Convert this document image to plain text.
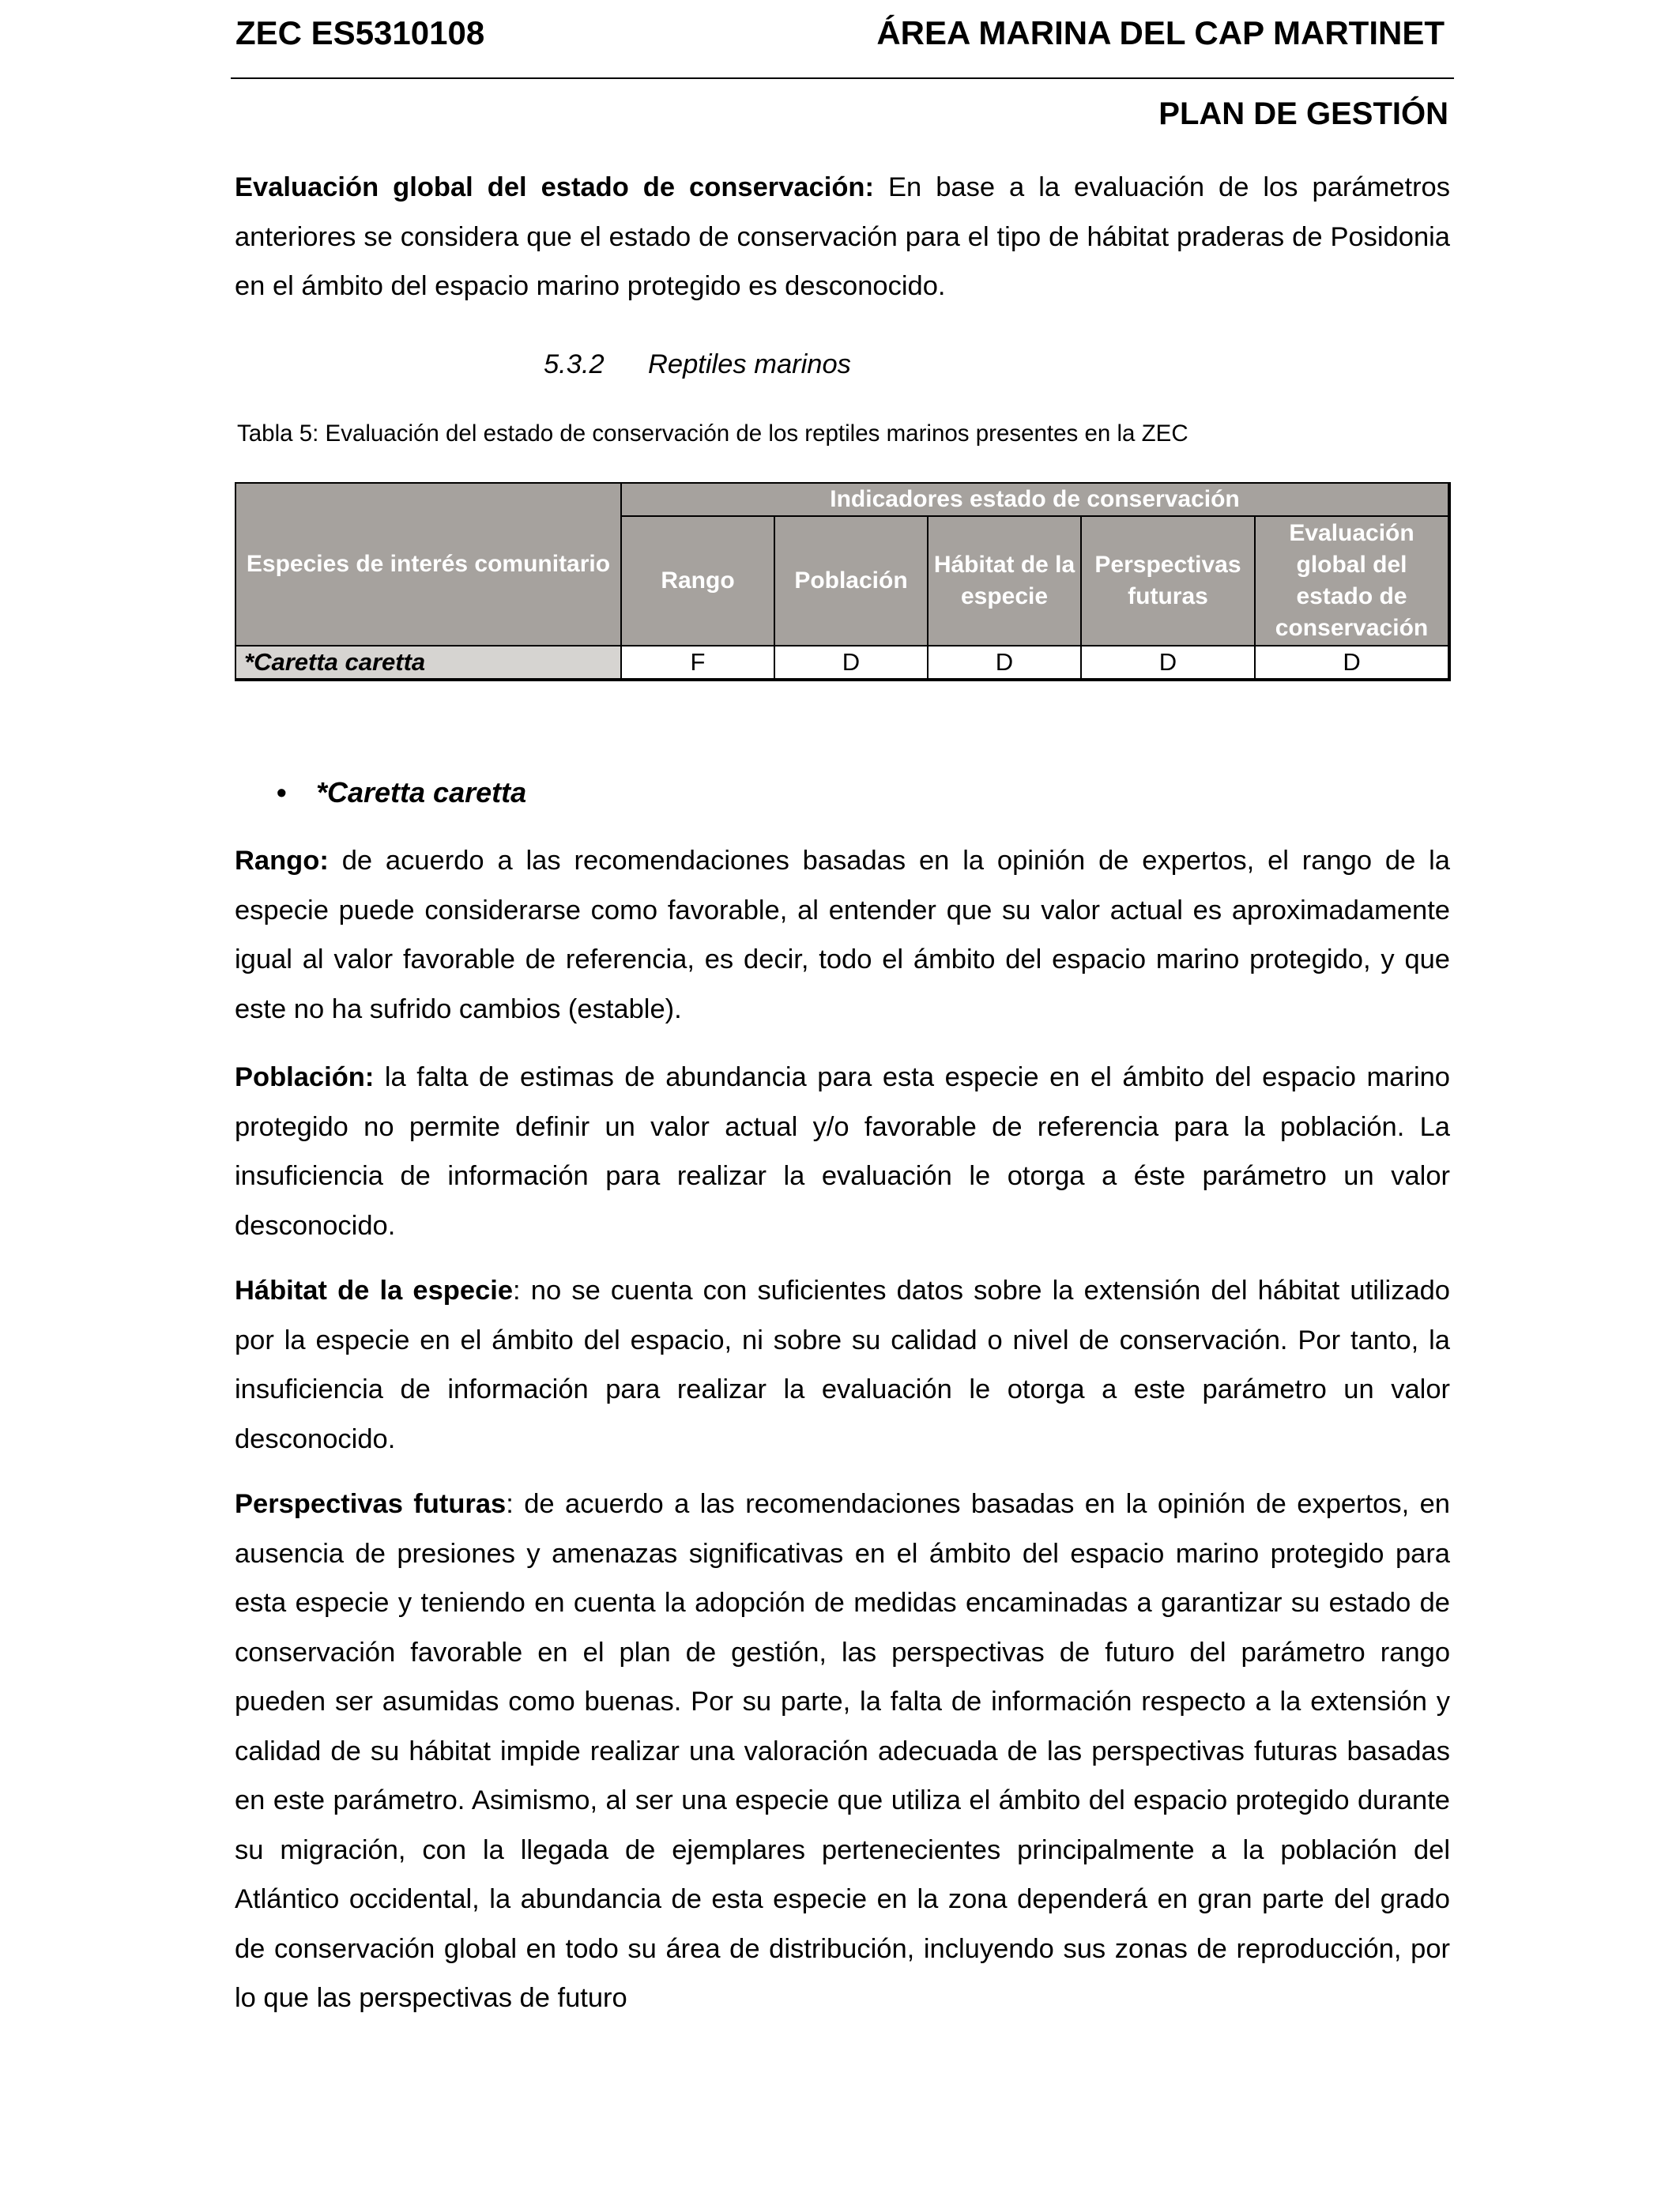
ZEC ES5310108	ÁREA MARINA DEL CAP MARTINET
PLAN DE GESTIÓN
Evaluación global del estado de conservación: En base a la evaluación de los parámetros anteriores se considera que el estado de conservación para el tipo de hábitat praderas de Posidonia en el ámbito del espacio marino protegido es desconocido.
5.3.2 Reptiles marinos
Tabla 5: Evaluación del estado de conservación de los reptiles marinos presentes en la ZEC
Especies de interés comunitario	Indicadores estado de conservación				
	Rango	Población	Hábitat de la especie	Perspectivas futuras	Evaluación global del estado de conservación
*Caretta caretta	F	D	D	D	D
• *Caretta caretta
Rango: de acuerdo a las recomendaciones basadas en la opinión de expertos, el rango de la especie puede considerarse como favorable, al entender que su valor actual es aproximadamente igual al valor favorable de referencia, es decir, todo el ámbito del espacio marino protegido, y que este no ha sufrido cambios (estable).
Población: la falta de estimas de abundancia para esta especie en el ámbito del espacio marino protegido no permite definir un valor actual y/o favorable de referencia para la población. La insuficiencia de información para realizar la evaluación le otorga a éste parámetro un valor desconocido.
Hábitat de la especie: no se cuenta con suficientes datos sobre la extensión del hábitat utilizado por la especie en el ámbito del espacio, ni sobre su calidad o nivel de conservación. Por tanto, la insuficiencia de información para realizar la evaluación le otorga a este parámetro un valor desconocido.
Perspectivas futuras: de acuerdo a las recomendaciones basadas en la opinión de expertos, en ausencia de presiones y amenazas significativas en el ámbito del espacio marino protegido para esta especie y teniendo en cuenta la adopción de medidas encaminadas a garantizar su estado de conservación favorable en el plan de gestión, las perspectivas de futuro del parámetro rango pueden ser asumidas como buenas. Por su parte, la falta de información respecto a la extensión y calidad de su hábitat impide realizar una valoración adecuada de las perspectivas futuras basadas en este parámetro. Asimismo, al ser una especie que utiliza el ámbito del espacio protegido durante su migración, con la llegada de ejemplares pertenecientes principalmente a la población del Atlántico occidental, la abundancia de esta especie en la zona dependerá en gran parte del grado de conservación global en todo su área de distribución, incluyendo sus zonas de reproducción, por lo que las perspectivas de futuro
